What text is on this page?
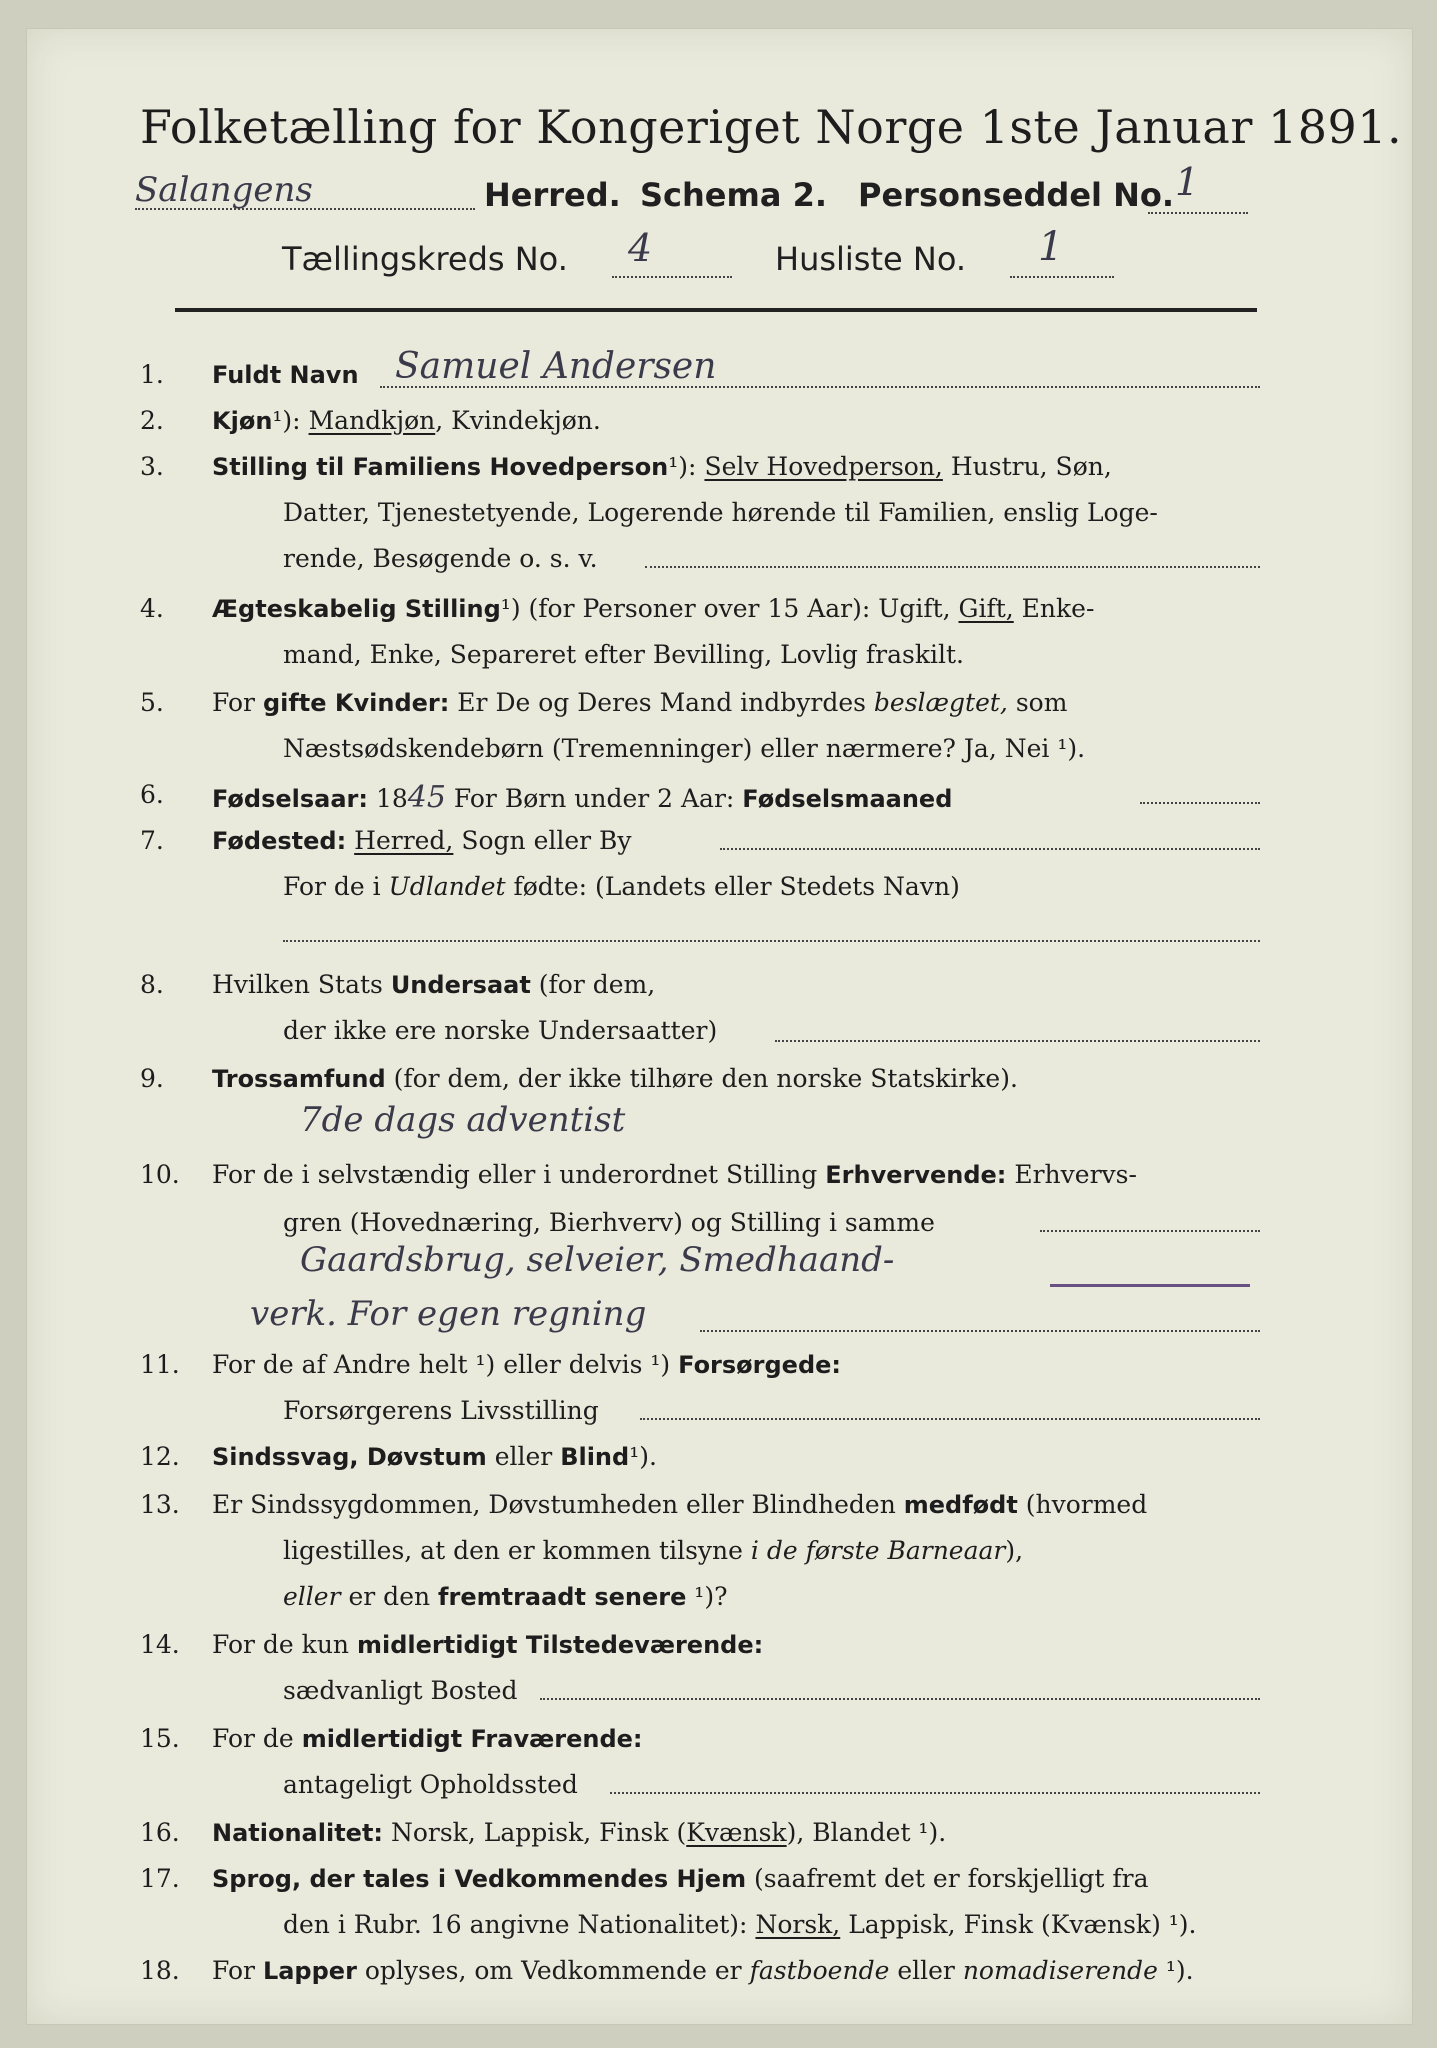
Folketælling for Kongeriget Norge 1ste Januar 1891.
Salangens	Herred. Schema 2. Personseddel No. 1
Tællingskreds No. 4	Husliste No. 1
1.	Fuldt Navn Samuel Andersen
2.	Kjøn¹): Mandkjøn, Kvindekjøn.
3.	Stilling til Familiens Hovedperson¹): Selv Hovedperson, Hustru, Søn,
Datter, Tjenestetyende, Logerende hørende til Familien, enslig Loge-
rende, Besøgende o. s. v.
4.	Ægteskabelig Stilling¹) (for Personer over 15 Aar): Ugift, Gift, Enke-
mand, Enke, Separeret efter Bevilling, Lovlig fraskilt.
5.	For gifte Kvinder: Er De og Deres Mand indbyrdes beslægtet, som
Næstsødskendebørn (Tremenninger) eller nærmere? Ja, Nei ¹).
6.	Fødselsaar: 1845 For Børn under 2 Aar: Fødselsmaaned
7.	Fødested: Herred, Sogn eller By
For de i Udlandet fødte: (Landets eller Stedets Navn)
8.	Hvilken Stats Undersaat (for dem,
der ikke ere norske Undersaatter)
9.	Trossamfund (for dem, der ikke tilhøre den norske Statskirke).
7de dags adventist
10.	For de i selvstændig eller i underordnet Stilling Erhvervende: Erhvervs-
gren (Hovednæring, Bierhverv) og Stilling i samme
Gaardsbrug, selveier, Smedhaand-
verk. For egen regning
11.	For de af Andre helt ¹) eller delvis ¹) Forsørgede:
Forsørgerens Livsstilling
12.	Sindssvag, Døvstum eller Blind¹).
13.	Er Sindssygdommen, Døvstumheden eller Blindheden medfødt (hvormed
ligestilles, at den er kommen tilsyne i de første Barneaar),
eller er den fremtraadt senere ¹)?
14.	For de kun midlertidigt Tilstedeværende:
sædvanligt Bosted
15.	For de midlertidigt Fraværende:
antageligt Opholdssted
16.	Nationalitet: Norsk, Lappisk, Finsk (Kvænsk), Blandet ¹).
17.	Sprog, der tales i Vedkommendes Hjem (saafremt det er forskjelligt fra
den i Rubr. 16 angivne Nationalitet): Norsk, Lappisk, Finsk (Kvænsk) ¹).
18.	For Lapper oplyses, om Vedkommende er fastboende eller nomadiserende ¹).
